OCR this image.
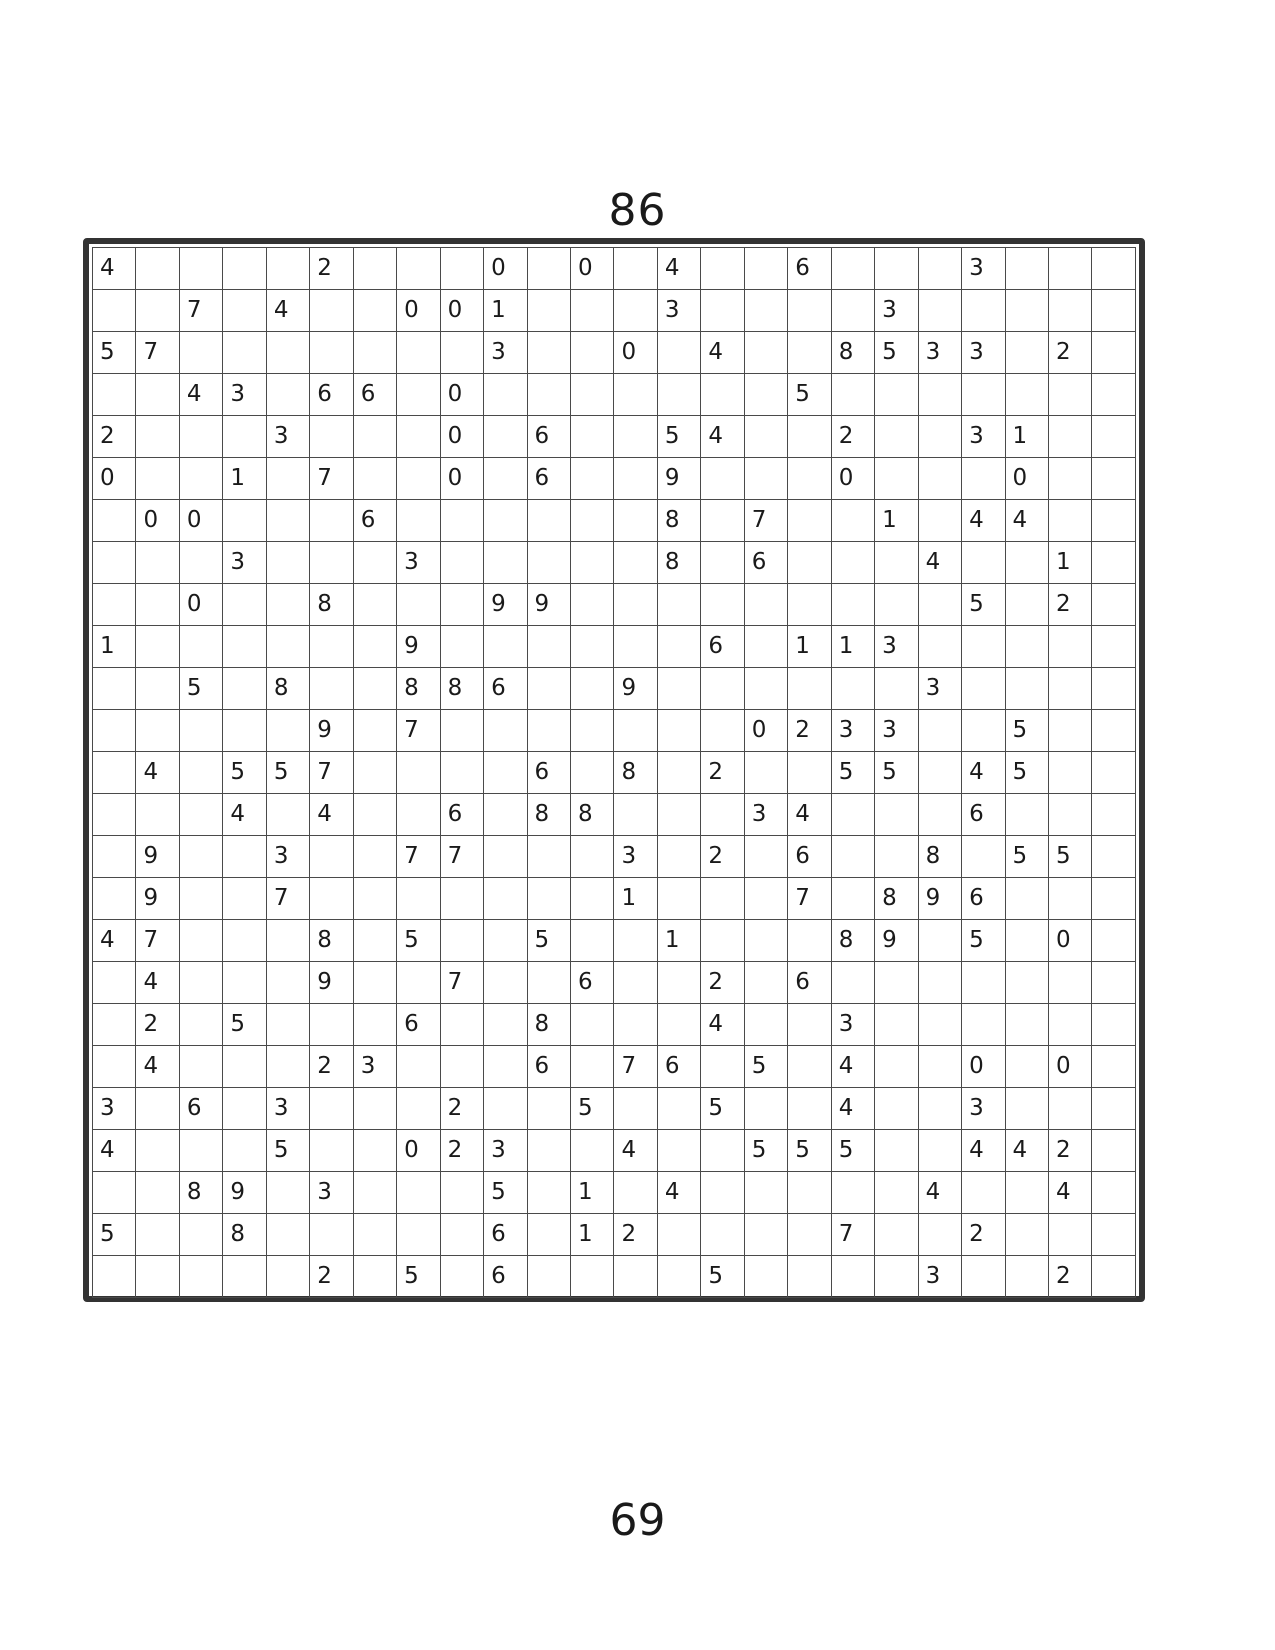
86
4					2				0		0		4			6				3			
		7		4			0	0	1				3					3					
5	7								3			0		4			8	5	3	3		2	
		4	3		6	6		0								5							
2				3				0		6			5	4			2			3	1		
0			1		7			0		6			9				0				0		
	0	0				6							8		7			1		4	4		
			3				3						8		6				4			1	
		0			8				9	9										5		2	
1							9							6		1	1	3					
		5		8			8	8	6			9							3				
					9		7								0	2	3	3			5		
	4		5	5	7					6		8		2			5	5		4	5		
			4		4			6		8	8				3	4				6			
	9			3			7	7				3		2		6			8		5	5	
	9			7								1				7		8	9	6			
4	7				8		5			5			1				8	9		5		0	
	4				9			7			6			2		6							
	2		5				6			8				4			3						
	4				2	3				6		7	6		5		4			0		0	
3		6		3				2			5			5			4			3			
4				5			0	2	3			4			5	5	5			4	4	2	
		8	9		3				5		1		4						4			4	
5			8						6		1	2					7			2			
					2		5		6					5					3			2	
69
